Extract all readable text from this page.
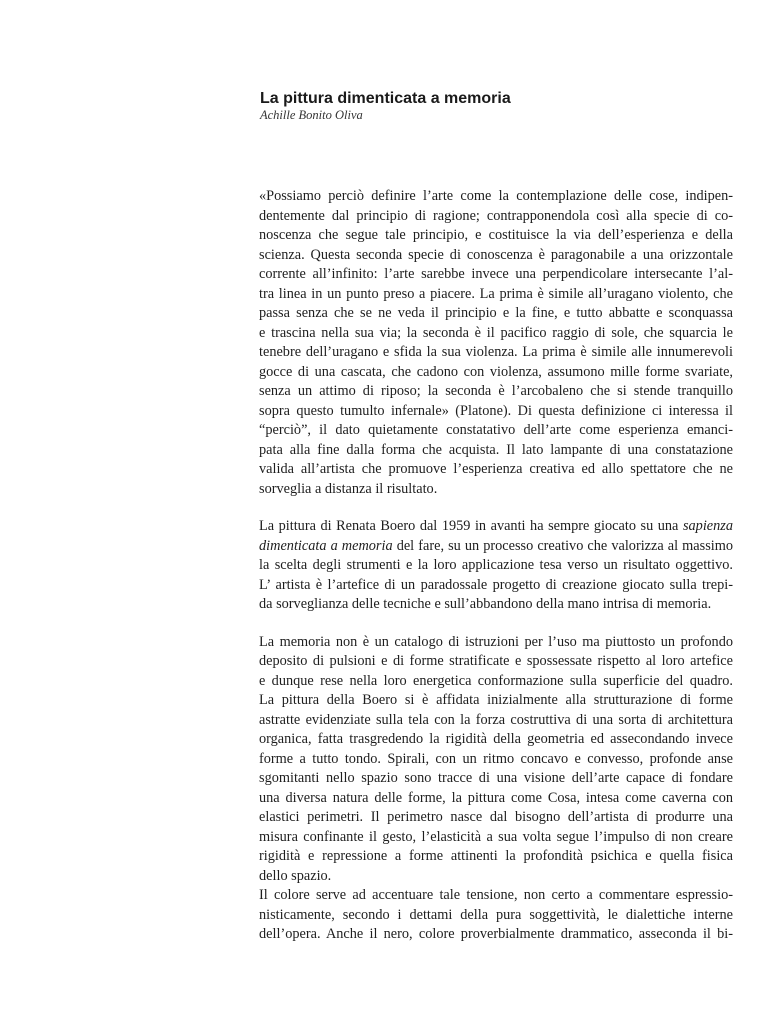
La pittura dimenticata a memoria

Achille Bonito Oliva

«Possiamo perciò definire l’arte come la contemplazione delle cose, indipen-
dentemente dal principio di ragione; contrapponendola così alla specie di co-
noscenza che segue tale principio, e costituisce la via dell’esperienza e della
scienza. Questa seconda specie di conoscenza è paragonabile a una orizzontale
corrente all’infinito: l’arte sarebbe invece una perpendicolare intersecante l’al-
tra linea in un punto preso a piacere. La prima è simile all’uragano violento, che
passa senza che se ne veda il principio e la fine, e tutto abbatte e sconquassa
e trascina nella sua via; la seconda è il pacifico raggio di sole, che squarcia le
tenebre dell’uragano e sfida la sua violenza. La prima è simile alle innumerevoli
gocce di una cascata, che cadono con violenza, assumono mille forme svariate,
senza un attimo di riposo; la seconda è l’arcobaleno che si stende tranquillo
sopra questo tumulto infernale» (Platone). Di questa definizione ci interessa il
“perciò”, il dato quietamente constatativo dell’arte come esperienza emanci-
pata alla fine dalla forma che acquista. Il lato lampante di una constatazione
valida all’artista che promuove l’esperienza creativa ed allo spettatore che ne
sorveglia a distanza il risultato.
La pittura di Renata Boero dal 1959 in avanti ha sempre giocato su una sapienza
dimenticata a memoria del fare, su un processo creativo che valorizza al massimo
la scelta degli strumenti e la loro applicazione tesa verso un risultato oggettivo.
L’ artista è l’artefice di un paradossale progetto di creazione giocato sulla trepi-
da sorveglianza delle tecniche e sull’abbandono della mano intrisa di memoria.
La memoria non è un catalogo di istruzioni per l’uso ma piuttosto un profondo
deposito di pulsioni e di forme stratificate e spossessate rispetto al loro artefice
e dunque rese nella loro energetica conformazione sulla superficie del quadro.
La pittura della Boero si è affidata inizialmente alla strutturazione di forme
astratte evidenziate sulla tela con la forza costruttiva di una sorta di architettura
organica, fatta trasgredendo la rigidità della geometria ed assecondando invece
forme a tutto tondo. Spirali, con un ritmo concavo e convesso, profonde anse
sgomitanti nello spazio sono tracce di una visione dell’arte capace di fondare
una diversa natura delle forme, la pittura come Cosa, intesa come caverna con
elastici perimetri. Il perimetro nasce dal bisogno dell’artista di produrre una
misura confinante il gesto, l’elasticità a sua volta segue l’impulso di non creare
rigidità e repressione a forme attinenti la profondità psichica e quella fisica
dello spazio.
Il colore serve ad accentuare tale tensione, non certo a commentare espressio-
nisticamente, secondo i dettami della pura soggettività, le dialettiche interne
dell’opera. Anche il nero, colore proverbialmente drammatico, asseconda il bi-
